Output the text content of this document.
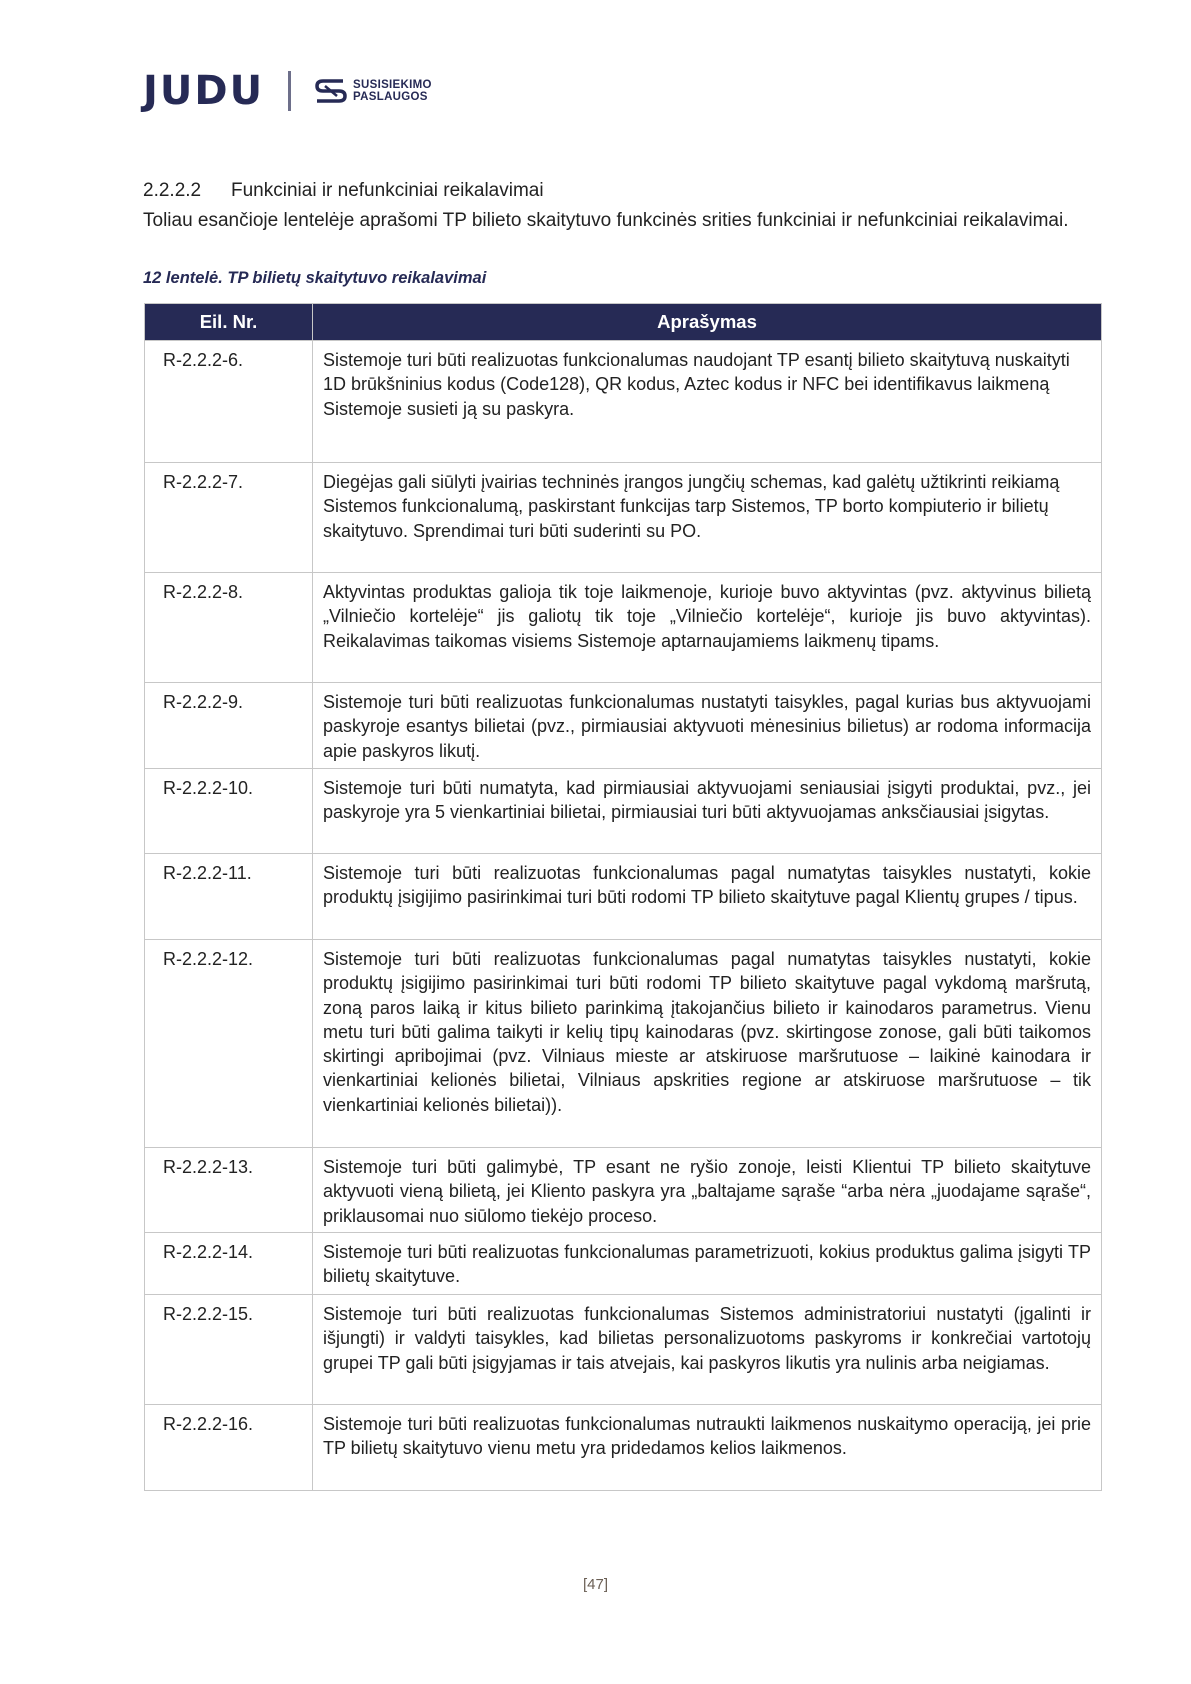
JUDU	SUSISIEKIMO
PASLAUGOS
2.2.2.2 Funkciniai ir nefunkciniai reikalavimai
Toliau esančioje lentelėje aprašomi TP bilieto skaitytuvo funkcinės srities funkciniai ir nefunkciniai reikalavimai.
12 lentelė. TP bilietų skaitytuvo reikalavimai
Eil. Nr.	Aprašymas
R-2.2.2-6.	Sistemoje turi būti realizuotas funkcionalumas naudojant TP esantį bilieto skaitytuvą nuskaityti 1D brūkšninius kodus (Code128), QR kodus, Aztec kodus ir NFC bei identifikavus laikmeną Sistemoje susieti ją su paskyra.
R-2.2.2-7.	Diegėjas gali siūlyti įvairias techninės įrangos jungčių schemas, kad galėtų užtikrinti reikiamą Sistemos funkcionalumą, paskirstant funkcijas tarp Sistemos, TP borto kompiuterio ir bilietų skaitytuvo. Sprendimai turi būti suderinti su PO.
R-2.2.2-8.	Aktyvintas produktas galioja tik toje laikmenoje, kurioje buvo aktyvintas (pvz. aktyvinus bilietą „Vilniečio kortelėje“ jis galiotų tik toje „Vilniečio kortelėje“, kurioje jis buvo aktyvintas). Reikalavimas taikomas visiems Sistemoje aptarnaujamiems laikmenų tipams.
R-2.2.2-9.	Sistemoje turi būti realizuotas funkcionalumas nustatyti taisykles, pagal kurias bus aktyvuojami paskyroje esantys bilietai (pvz., pirmiausiai aktyvuoti mėnesinius bilietus) ar rodoma informacija apie paskyros likutį.
R-2.2.2-10.	Sistemoje turi būti numatyta, kad pirmiausiai aktyvuojami seniausiai įsigyti produktai, pvz., jei paskyroje yra 5 vienkartiniai bilietai, pirmiausiai turi būti aktyvuojamas anksčiausiai įsigytas.
R-2.2.2-11.	Sistemoje turi būti realizuotas funkcionalumas pagal numatytas taisykles nustatyti, kokie produktų įsigijimo pasirinkimai turi būti rodomi TP bilieto skaitytuve pagal Klientų grupes / tipus.
R-2.2.2-12.	Sistemoje turi būti realizuotas funkcionalumas pagal numatytas taisykles nustatyti, kokie produktų įsigijimo pasirinkimai turi būti rodomi TP bilieto skaitytuve pagal vykdomą maršrutą, zoną paros laiką ir kitus bilieto parinkimą įtakojančius bilieto ir kainodaros parametrus. Vienu metu turi būti galima taikyti ir kelių tipų kainodaras (pvz. skirtingose zonose, gali būti taikomos skirtingi apribojimai (pvz. Vilniaus mieste ar atskiruose maršrutuose – laikinė kainodara ir vienkartiniai kelionės bilietai, Vilniaus apskrities regione ar atskiruose maršrutuose – tik vienkartiniai kelionės bilietai)).
R-2.2.2-13.	Sistemoje turi būti galimybė, TP esant ne ryšio zonoje, leisti Klientui TP bilieto skaitytuve aktyvuoti vieną bilietą, jei Kliento paskyra yra „baltajame sąraše “arba nėra „juodajame sąraše“, priklausomai nuo siūlomo tiekėjo proceso.
R-2.2.2-14.	Sistemoje turi būti realizuotas funkcionalumas parametrizuoti, kokius produktus galima įsigyti TP bilietų skaitytuve.
R-2.2.2-15.	Sistemoje turi būti realizuotas funkcionalumas Sistemos administratoriui nustatyti (įgalinti ir išjungti) ir valdyti taisykles, kad bilietas personalizuotoms paskyroms ir konkrečiai vartotojų grupei TP gali būti įsigyjamas ir tais atvejais, kai paskyros likutis yra nulinis arba neigiamas.
R-2.2.2-16.	Sistemoje turi būti realizuotas funkcionalumas nutraukti laikmenos nuskaitymo operaciją, jei prie TP bilietų skaitytuvo vienu metu yra pridedamos kelios laikmenos.
[47]
